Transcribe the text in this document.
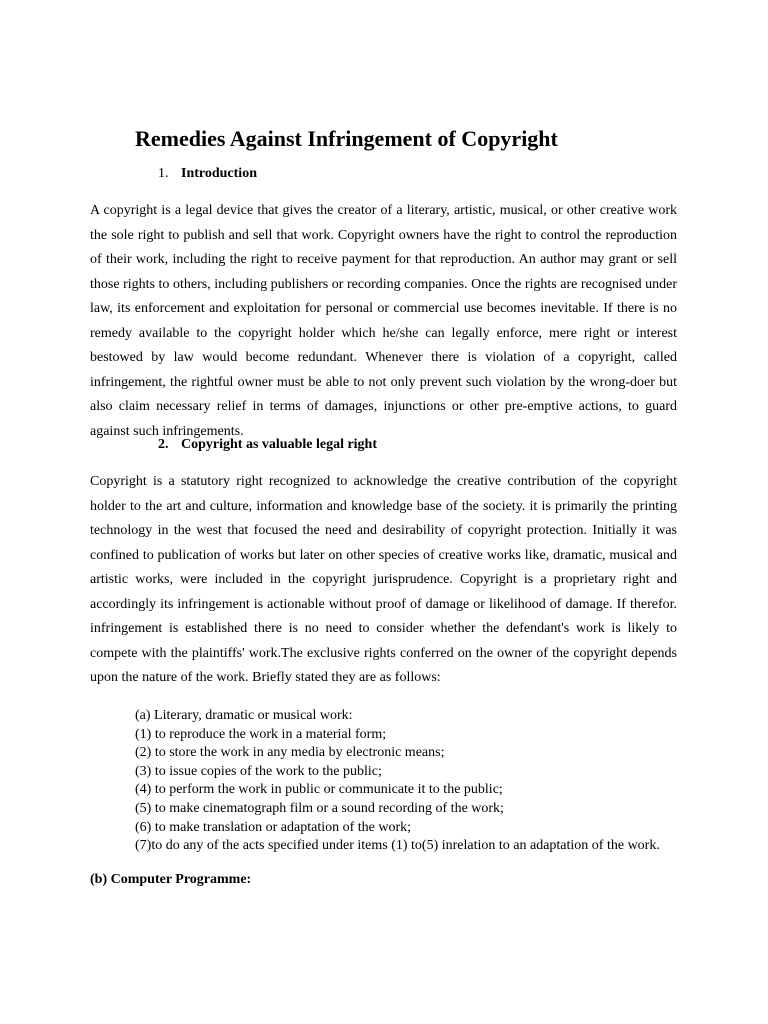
Remedies Against Infringement of Copyright
1. Introduction

A copyright is a legal device that gives the creator of a literary, artistic, musical, or other creative work the sole right to publish and sell that work. Copyright owners have the right to control the reproduction of their work, including the right to receive payment for that reproduction. An author may grant or sell those rights to others, including publishers or recording companies. Once the rights are recognised under law, its enforcement and exploitation for personal or commercial use becomes inevitable. If there is no remedy available to the copyright holder which he/she can legally enforce, mere right or interest bestowed by law would become redundant. Whenever there is violation of a copyright, called infringement, the rightful owner must be able to not only prevent such violation by the wrong-doer but also claim necessary relief in terms of damages, injunctions or other pre-emptive actions, to guard against such infringements.

2. Copyright as valuable legal right

Copyright is a statutory right recognized to acknowledge the creative contribution of the copyright holder to the art and culture, information and knowledge base of the society. it is primarily the printing technology in the west that focused the need and desirability of copyright protection. Initially it was confined to publication of works but later on other species of creative works like, dramatic, musical and artistic works, were included in the copyright jurisprudence. Copyright is a proprietary right and accordingly its infringement is actionable without proof of damage or likelihood of damage. If therefor. infringement is established there is no need to consider whether the defendant's work is likely to compete with the plaintiffs' work.The exclusive rights conferred on the owner of the copyright depends upon the nature of the work. Briefly stated they are as follows:

(a) Literary, dramatic or musical work:
(1) to reproduce the work in a material form;
(2) to store the work in any media by electronic means;
(3) to issue copies of the work to the public;
(4) to perform the work in public or communicate it to the public;
(5) to make cinematograph film or a sound recording of the work;
(6) to make translation or adaptation of the work;
(7)to do any of the acts specified under items (1) to(5) inrelation to an adaptation of the work.
(b) Computer Programme:
